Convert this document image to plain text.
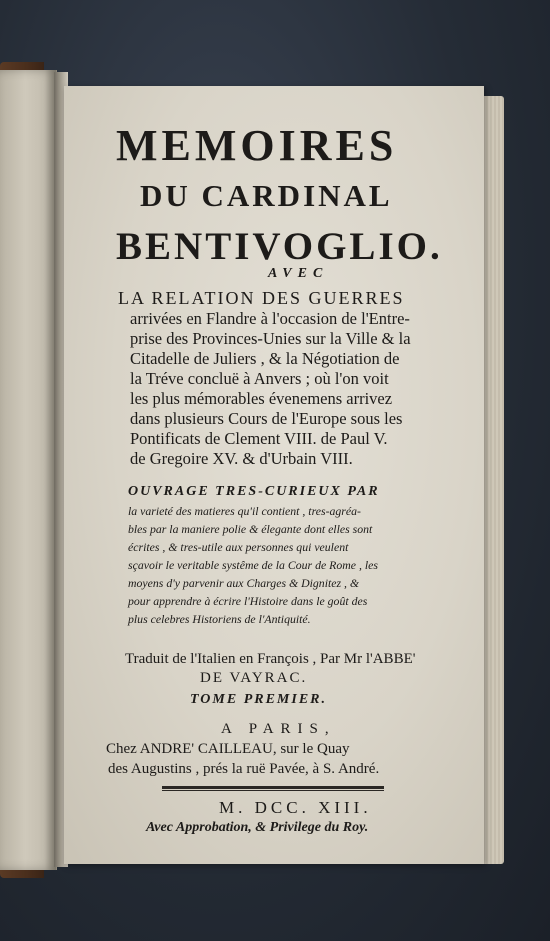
MEMOIRES
DU CARDINAL
BENTIVOGLIO.
AVEC
LA RELATION DES GUERRES
arrivées en Flandre à l'occasion de l'Entre-
prise des Provinces-Unies sur la Ville & la
Citadelle de Juliers , & la Négotiation de
la Tréve concluë à Anvers ; où l'on voit
les plus mémorables évenemens arrivez
dans plusieurs Cours de l'Europe sous les
Pontificats de Clement VIII. de Paul V.
de Gregoire XV. & d'Urbain VIII.
OUVRAGE TRES-CURIEUX PAR
la varieté des matieres qu'il contient , tres-agréa-
bles par la maniere polie & élegante dont elles sont
écrites , & tres-utile aux personnes qui veulent
sçavoir le veritable systême de la Cour de Rome , les
moyens d'y parvenir aux Charges & Dignitez , &
pour apprendre à écrire l'Histoire dans le goût des
plus celebres Historiens de l'Antiquité.
Traduit de l'Italien en François , Par Mr l'ABBE'
DE VAYRAC.
TOME PREMIER.
A PARIS,
Chez ANDRE' CAILLEAU, sur le Quay
des Augustins , prés la ruë Pavée, à S. André.
M. DCC. XIII.
Avec Approbation, & Privilege du Roy.
